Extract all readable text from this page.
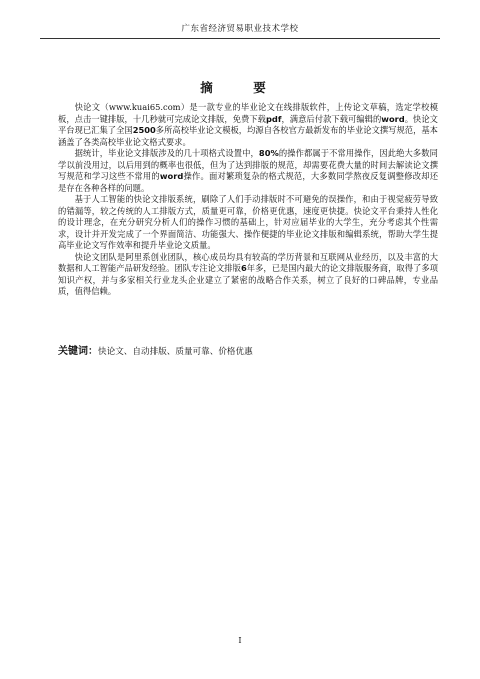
广东省经济贸易职业技术学校
摘　要

快论文（www.kuai65.com）是一款专业的毕业论文在线排版软件，上传论文草稿，选定学校模板，点击一键排版，十几秒就可完成论文排版，免费下载pdf，满意后付款下载可编辑的word。快论文平台现已汇集了全国2500多所高校毕业论文模板，均源自各校官方最新发布的毕业论文撰写规范，基本涵盖了各类高校毕业论文格式要求。

据统计，毕业论文排版涉及的几十项格式设置中，80%的操作都属于不常用操作，因此绝大多数同学以前没用过，以后用到的概率也很低，但为了达到排版的规范，却需要花费大量的时间去解读论文撰写规范和学习这些不常用的word操作。面对繁琐复杂的格式规范，大多数同学熬夜反复调整修改却还是存在各种各样的问题。

基于人工智能的快论文排版系统，刷除了人们手动排版时不可避免的误操作，和由于视觉疲劳导致的错漏等，较之传统的人工排版方式，质量更可靠，价格更优惠，速度更快捷。快论文平台秉持人性化的设计理念，在充分研究分析人们的操作习惯的基础上，针对应届毕业的大学生，充分考虑其个性需求，设计并开发完成了一个界面简洁、功能强大、操作便捷的毕业论文排版和编辑系统，帮助大学生提高毕业论文写作效率和提升毕业论文质量。

快论文团队是阿里系创业团队，核心成员均具有较高的学历背景和互联网从业经历，以及丰富的大数据和人工智能产品研发经验。团队专注论文排版6年多，已是国内最大的论文排版服务商，取得了多项知识产权，并与多家相关行业龙头企业建立了紧密的战略合作关系，树立了良好的口碑品牌，专业品质，值得信赖。

关键词：快论文、自动排版、质量可靠、价格优惠
I
